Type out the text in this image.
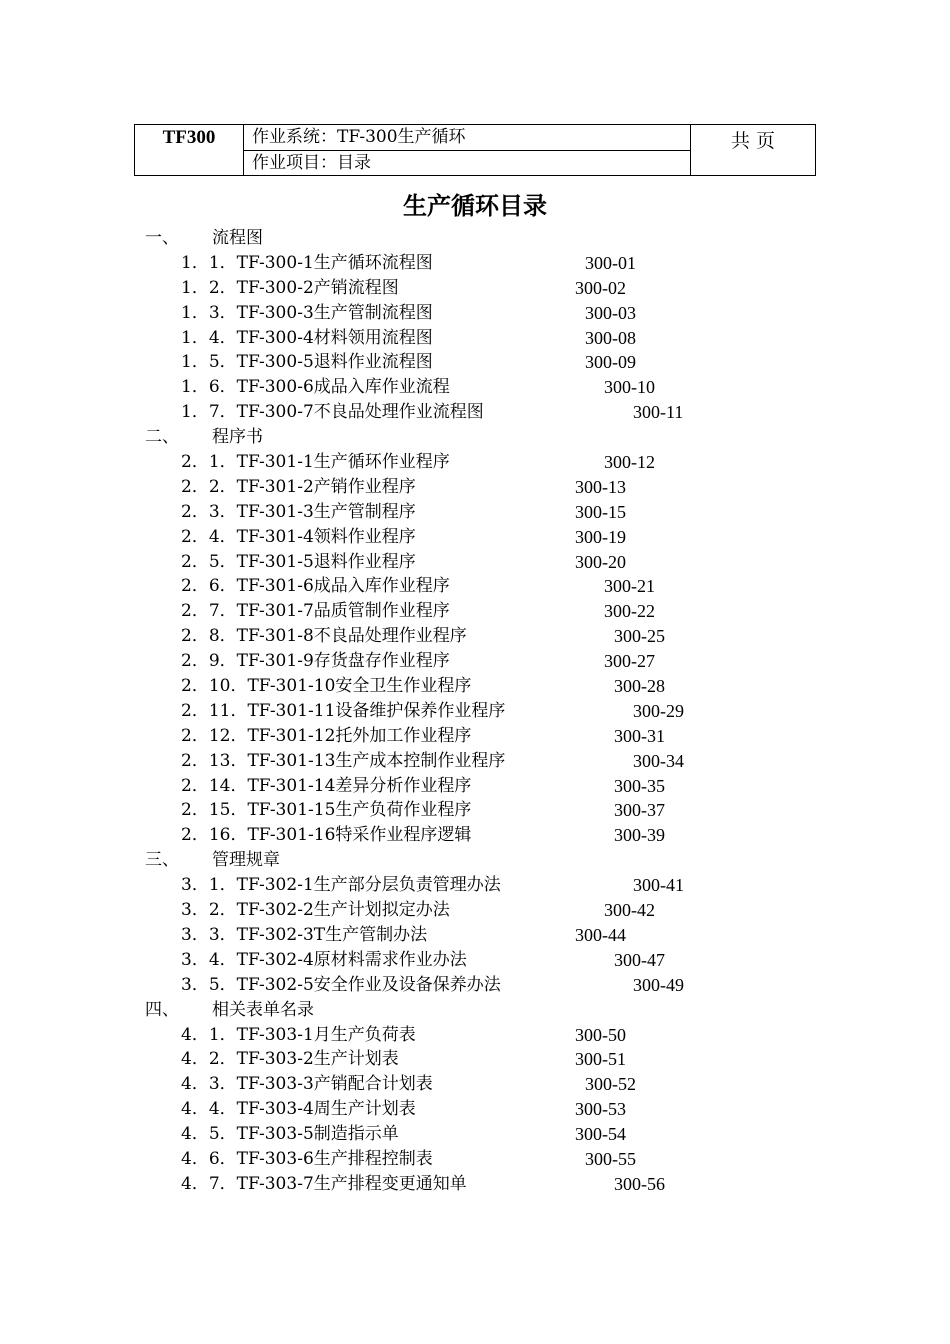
TF300	作业系统：TF-300生产循环
作业项目：目录
共 页
生产循环目录
一、 流程图
1．1．TF-300-1生产循环流程图	300-01
1．2．TF-300-2产销流程图	300-02
1．3．TF-300-3生产管制流程图	300-03
1．4．TF-300-4材料领用流程图	300-08
1．5．TF-300-5退料作业流程图	300-09
1．6．TF-300-6成品入库作业流程	300-10
1．7．TF-300-7不良品处理作业流程图	300-11
二、 程序书
2．1．TF-301-1生产循环作业程序	300-12
2．2．TF-301-2产销作业程序	300-13
2．3．TF-301-3生产管制程序	300-15
2．4．TF-301-4领料作业程序	300-19
2．5．TF-301-5退料作业程序	300-20
2．6．TF-301-6成品入库作业程序	300-21
2．7．TF-301-7品质管制作业程序	300-22
2．8．TF-301-8不良品处理作业程序	300-25
2．9．TF-301-9存货盘存作业程序	300-27
2．10．TF-301-10安全卫生作业程序	300-28
2．11．TF-301-11设备维护保养作业程序	300-29
2．12．TF-301-12托外加工作业程序	300-31
2．13．TF-301-13生产成本控制作业程序	300-34
2．14．TF-301-14差异分析作业程序	300-35
2．15．TF-301-15生产负荷作业程序	300-37
2．16．TF-301-16特采作业程序逻辑	300-39
三、 管理规章
3．1．TF-302-1生产部分层负责管理办法	300-41
3．2．TF-302-2生产计划拟定办法	300-42
3．3．TF-302-3T生产管制办法	300-44
3．4．TF-302-4原材料需求作业办法	300-47
3．5．TF-302-5安全作业及设备保养办法	300-49
四、 相关表单名录
4．1．TF-303-1月生产负荷表	300-50
4．2．TF-303-2生产计划表	300-51
4．3．TF-303-3产销配合计划表	300-52
4．4．TF-303-4周生产计划表	300-53
4．5．TF-303-5制造指示单	300-54
4．6．TF-303-6生产排程控制表	300-55
4．7．TF-303-7生产排程变更通知单	300-56
